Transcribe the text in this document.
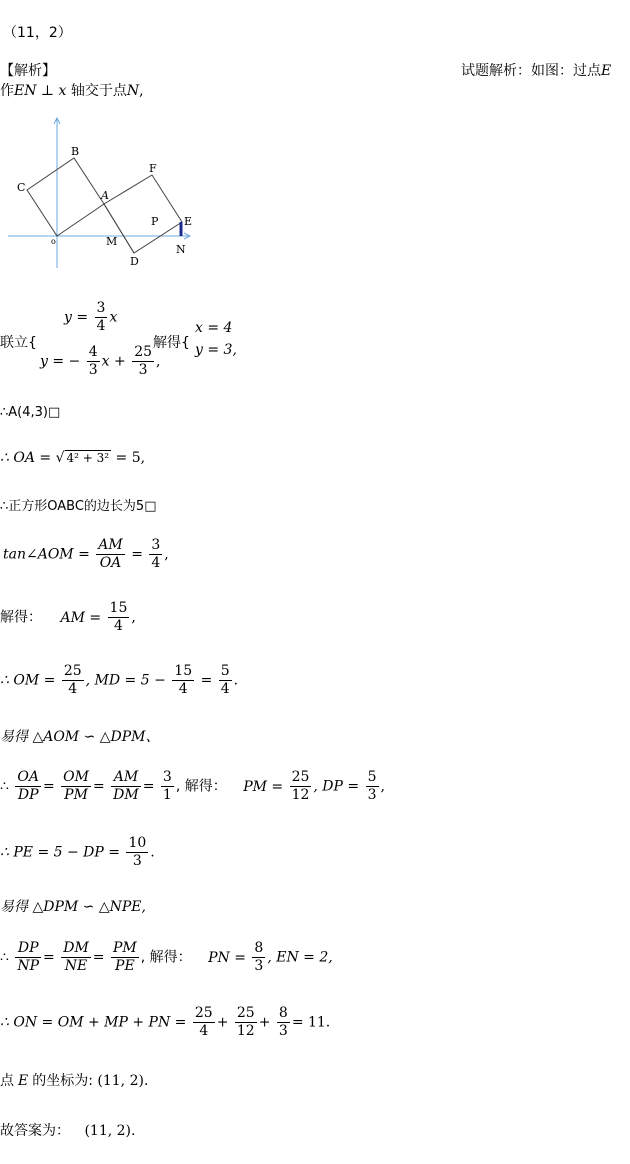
（11，2）
【解析】	试题解析：如图：过点E
作EN ⊥ x 轴交于点N,
B
C
A
F
P E
o	M
D
N
联立{
$y = \frac{3}{4}$ x
y = − $\frac{4}{3}$ $x + \frac{25}{3}$ ,
解得{
x = 4
y = 3,
∴A(4,3)□
∴ OA = √ 4² + 3² = 5,
∴正方形OABC的边长为5□
tan∠AOM = $\frac{AM}{OA} = \frac{3}{4}$ ,
解得： AM = $\frac{15}{4}$ ,
∴ OM = $\frac{25}{4}$ , MD = $5 - \frac{15}{4} = \frac{5}{4}$ .
易得 △AOM ∽ △DPM、
∴ $\frac{OA}{DP} = \frac{OM}{PM} = \frac{AM}{DM} = \frac{3}{1}$ , 解得： PM = $\frac{25}{12}$ , DP = $\frac{5}{3}$ ,
∴ PE = 5 − DP = $\frac{10}{3}$ .
易得 △DPM ∽ △NPE,
∴ $\frac{DP}{NP} = \frac{DM}{NE} = \frac{PM}{PE}$ , 解得： PN = $\frac{8}{3}$ , EN = 2,
∴ ON = OM + MP + PN = $\frac{25}{4} + \frac{25}{12} + \frac{8}{3} = 11$.
点 E 的坐标为: (11, 2).
故答案为： (11, 2).
